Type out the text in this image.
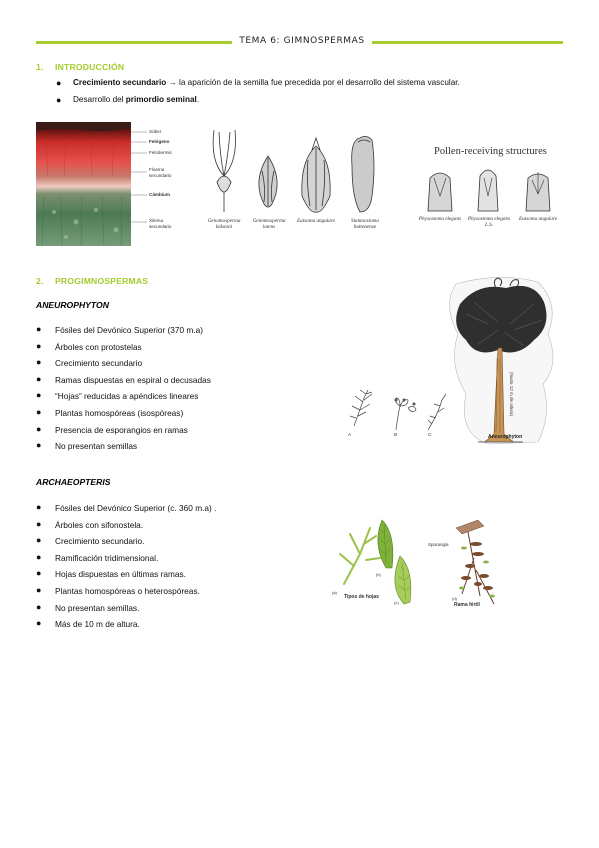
TEMA 6: GIMNOSPERMAS
1. INTRODUCCIÓN
● Crecimiento secundario → la aparición de la semilla fue precedida por el desarrollo del sistema vascular.
● Desarrollo del primordio seminal.
Súber
Felógeno
Felodermis
Floema secundario
Cámbium
Xilema secundario
Genomosperma kidstoni
Genomosperma latens
Eutsoma angulare	Stamnostoma huttonense
Pollen-receiving structures
Physostoma elegans	Physostoma elegans L.S.
Eutsoma angulare
2. PROGIMNOSPERMAS
ANEUROPHYTON
● Fósiles del Devónico Superior (370 m.a)
● Árboles con protostelas
● Crecimiento secundario
● Ramas dispuestas en espiral o decusadas
● “Hojas” reducidas a apéndices lineares
● Plantas homospóreas (isospóreas)
● Presencia de esporangios en ramas
● No presentan semillas
A	B	C
(hasta 12 m de altura)
Aneurophyton
ARCHAEOPTERIS
● Fósiles del Devónico Superior (c. 360 m.a) .
● Árboles con sifonostela.
● Crecimiento secundario.
● Ramificación tridimensional.
● Hojas dispuestas en últimas ramas.
● Plantas homospóreas o heterospóreas.
● No presentan semillas.
● Más de 10 m de altura.
Tipos de hojas
(a)
(b)
(c)
Sporangia
(d)
Rama fértil
